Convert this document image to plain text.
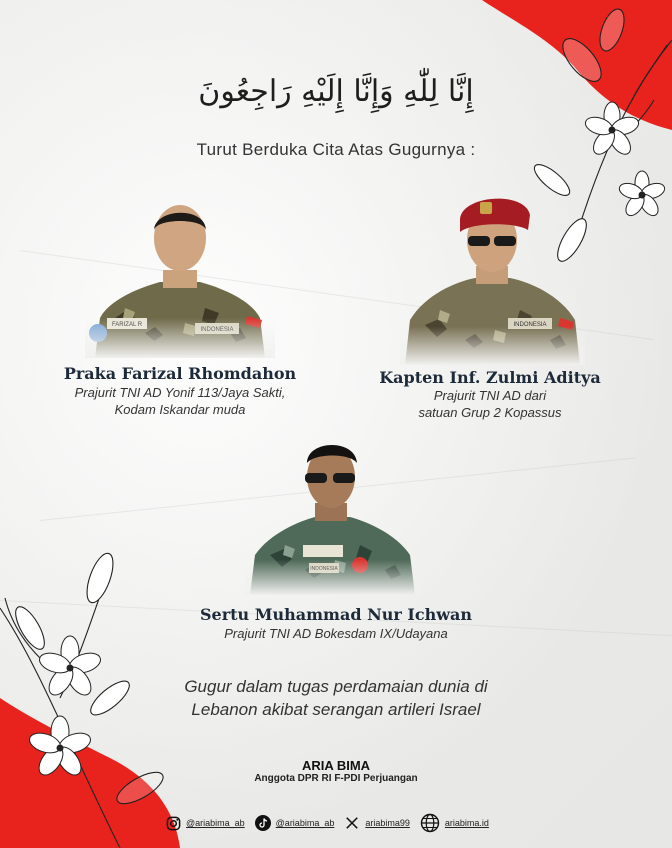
إِنَّا لِلّٰهِ وَإِنَّا إِلَيْهِ رَاجِعُونَ
Turut Berduka Cita Atas Gugurnya :
Praka Farizal Rhomdahon
Prajurit TNI AD Yonif 113/Jaya Sakti,
Kodam Iskandar muda
Kapten Inf. Zulmi Aditya
Prajurit TNI AD dari
satuan Grup 2 Kopassus
Sertu Muhammad Nur Ichwan
Prajurit TNI AD Bokesdam IX/Udayana
Gugur dalam tugas perdamaian dunia di
Lebanon akibat serangan artileri Israel
ARIA BIMA
Anggota DPR RI F-PDI Perjuangan
@ariabima_ab	@ariabima_ab	ariabima99	ariabima.id
